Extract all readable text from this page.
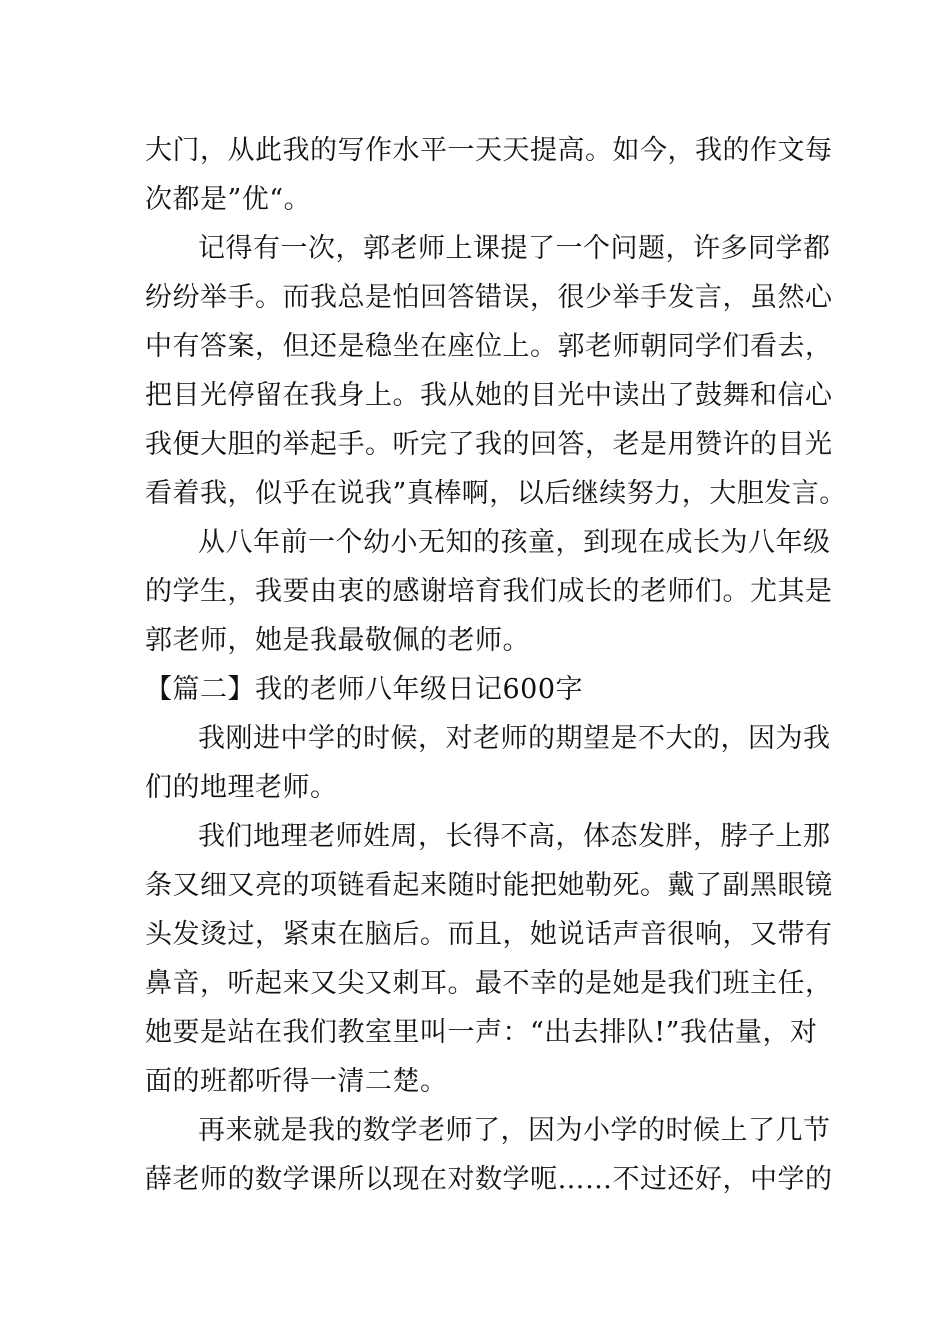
大门，从此我的写作水平一天天提高。如今，我的作文每
次都是”优“。
记得有一次，郭老师上课提了一个问题，许多同学都
纷纷举手。而我总是怕回答错误，很少举手发言，虽然心
中有答案，但还是稳坐在座位上。郭老师朝同学们看去，
把目光停留在我身上。我从她的目光中读出了鼓舞和信心
我便大胆的举起手。听完了我的回答，老是用赞许的目光
看着我，似乎在说我”真棒啊，以后继续努力，大胆发言。
从八年前一个幼小无知的孩童，到现在成长为八年级
的学生，我要由衷的感谢培育我们成长的老师们。尤其是
郭老师，她是我最敬佩的老师。
【篇二】我的老师八年级日记600字
我刚进中学的时候，对老师的期望是不大的，因为我
们的地理老师。
我们地理老师姓周，长得不高，体态发胖，脖子上那
条又细又亮的项链看起来随时能把她勒死。戴了副黑眼镜
头发烫过，紧束在脑后。而且，她说话声音很响，又带有
鼻音，听起来又尖又刺耳。最不幸的是她是我们班主任，
她要是站在我们教室里叫一声：“出去排队!”我估量，对
面的班都听得一清二楚。
再来就是我的数学老师了，因为小学的时候上了几节
薛老师的数学课所以现在对数学呃……不过还好，中学的
